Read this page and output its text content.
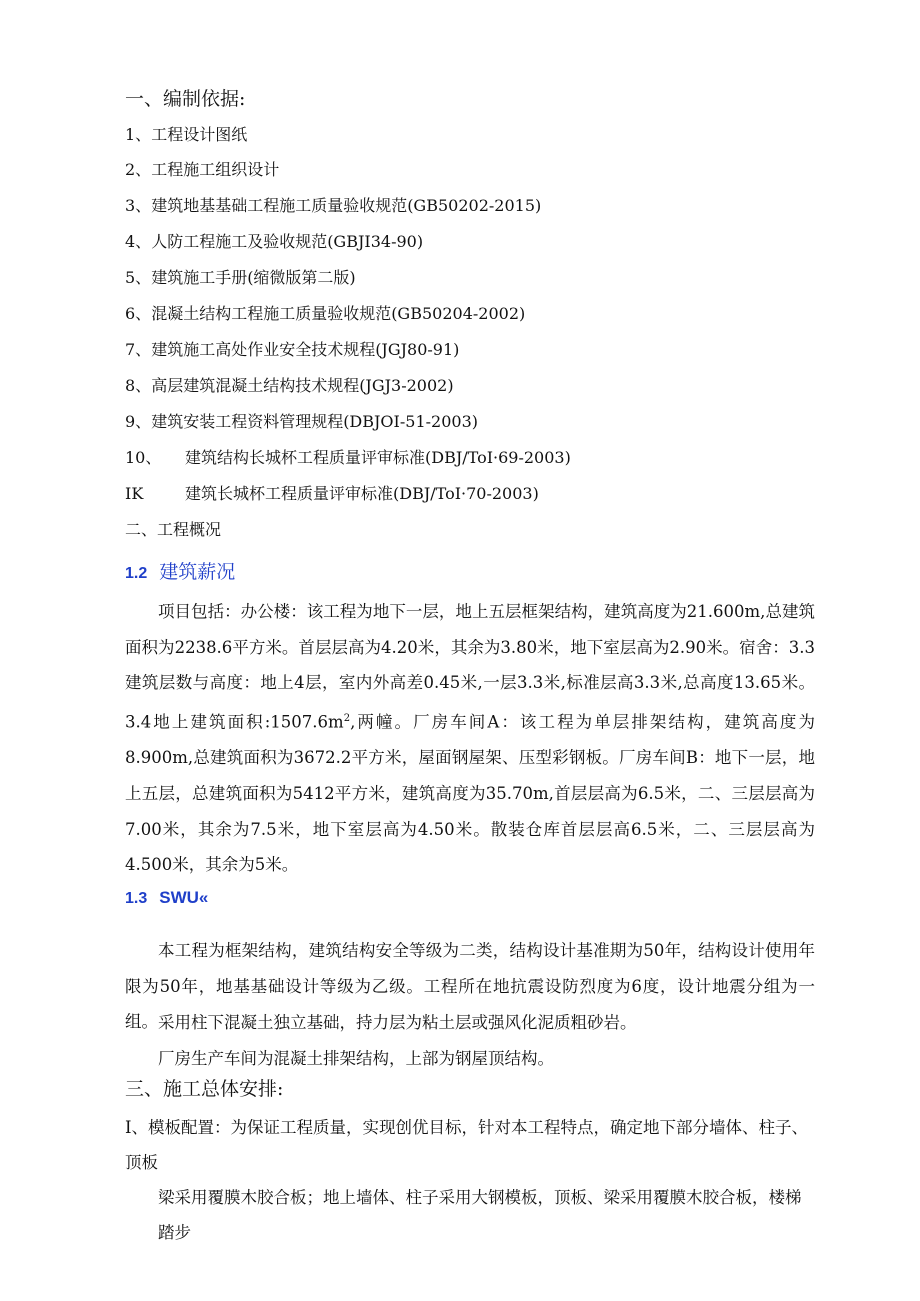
一、编制依据:
1、工程设计图纸
2、工程施工组织设计
3、建筑地基基础工程施工质量验收规范(GB50202-2015)
4、人防工程施工及验收规范(GBJI34-90)
5、建筑施工手册(缩微版第二版)
6、混凝土结构工程施工质量验收规范(GB50204-2002)
7、建筑施工高处作业安全技术规程(JGJ80-91)
8、高层建筑混凝土结构技术规程(JGJ3-2002)
9、建筑安装工程资料管理规程(DBJOI-51-2003)
10、 建筑结构长城杯工程质量评审标准(DBJ/ToI·69-2003)
IK	建筑长城杯工程质量评审标准(DBJ/ToI·70-2003)
二、工程概况
1.2 建筑薪况

项目包括：办公楼：该工程为地下一层，地上五层框架结构，建筑高度为21.600m,总建筑面积为2238.6平方米。首层层高为4.20米，其余为3.80米，地下室层高为2.90米。宿舍：3.3建筑层数与高度：地上4层，室内外高差0.45米,一层3.3米,标准层高3.3米,总高度13.65米。3.4地上建筑面积$:1507.6m^2$,两幢。厂房车间A：该工程为单层排架结构，建筑高度为8.900m,总建筑面积为3672.2平方米，屋面钢屋架、压型彩钢板。厂房车间B：地下一层，地上五层，总建筑面积为5412平方米，建筑高度为35.70m,首层层高为6.5米，二、三层层高为7.00米，其余为7.5米，地下室层高为4.50米。散装仓库首层层高6.5米，二、三层层高为4.500米，其余为5米。

1.3 SWU«

本工程为框架结构，建筑结构安全等级为二类，结构设计基准期为50年，结构设计使用年限为50年，地基基础设计等级为乙级。工程所在地抗震设防烈度为6度，设计地震分组为一组。 采用柱下混凝土独立基础，持力层为粘土层或强风化泥质粗砂岩。

厂房生产车间为混凝土排架结构，上部为钢屋顶结构。

三、施工总体安排:
I、模板配置：为保证工程质量，实现创优目标，针对本工程特点，确定地下部分墙体、柱子、顶板
梁采用覆膜木胶合板；地上墙体、柱子采用大钢模板，顶板、梁采用覆膜木胶合板，楼梯踏步
